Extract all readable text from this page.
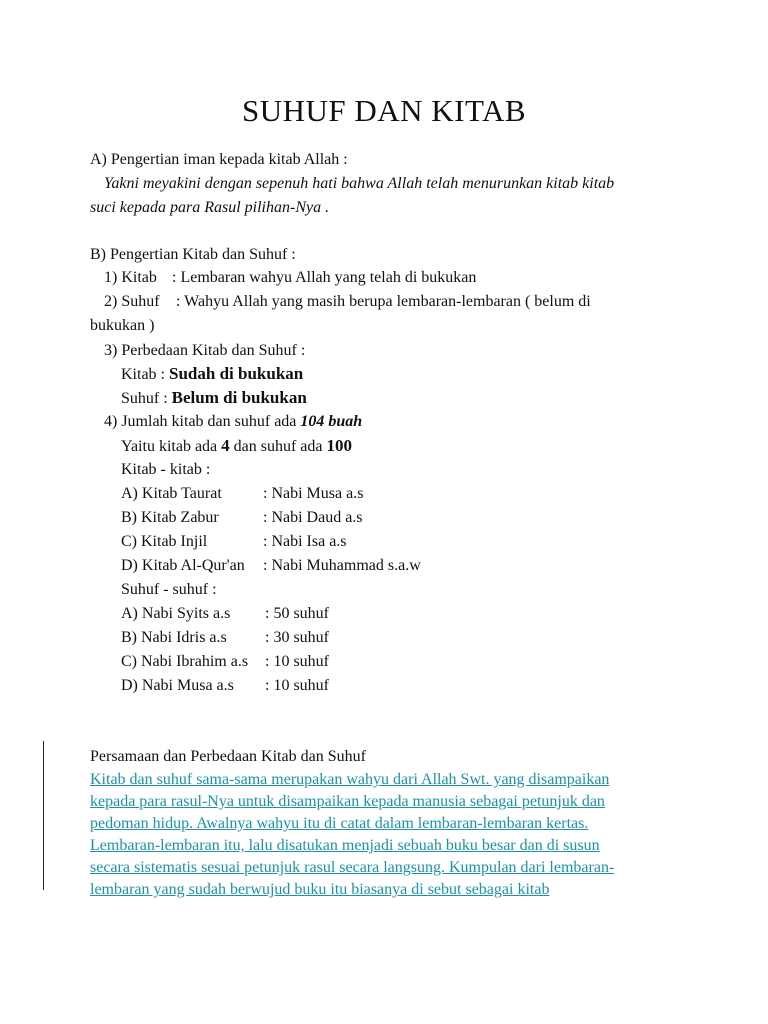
SUHUF DAN KITAB
A) Pengertian iman kepada kitab Allah :
Yakni meyakini dengan sepenuh hati bahwa Allah telah menurunkan kitab kitab
suci kepada para Rasul pilihan-Nya .
B) Pengertian Kitab dan Suhuf :
1) Kitab : Lembaran wahyu Allah yang telah di bukukan
2) Suhuf : Wahyu Allah yang masih berupa lembaran-lembaran ( belum di
bukukan )
3) Perbedaan Kitab dan Suhuf :
Kitab : Sudah di bukukan
Suhuf : Belum di bukukan
4) Jumlah kitab dan suhuf ada 104 buah
Yaitu kitab ada 4 dan suhuf ada 100
Kitab - kitab :
A) Kitab Taurat	: Nabi Musa a.s
B) Kitab Zabur	: Nabi Daud a.s
C) Kitab Injil	: Nabi Isa a.s
D) Kitab Al-Qur'an : Nabi Muhammad s.a.w
Suhuf - suhuf :
A) Nabi Syits a.s : 50 suhuf
B) Nabi Idris a.s : 30 suhuf
C) Nabi Ibrahim a.s : 10 suhuf
D) Nabi Musa a.s : 10 suhuf
Persamaan dan Perbedaan Kitab dan Suhuf
Kitab dan suhuf sama-sama merupakan wahyu dari Allah Swt. yang disampaikan
kepada para rasul-Nya untuk disampaikan kepada manusia sebagai petunjuk dan
pedoman hidup. Awalnya wahyu itu di catat dalam lembaran-lembaran kertas.
Lembaran-lembaran itu, lalu disatukan menjadi sebuah buku besar dan di susun
secara sistematis sesuai petunjuk rasul secara langsung. Kumpulan dari lembaran-
lembaran yang sudah berwujud buku itu biasanya di sebut sebagai kitab
